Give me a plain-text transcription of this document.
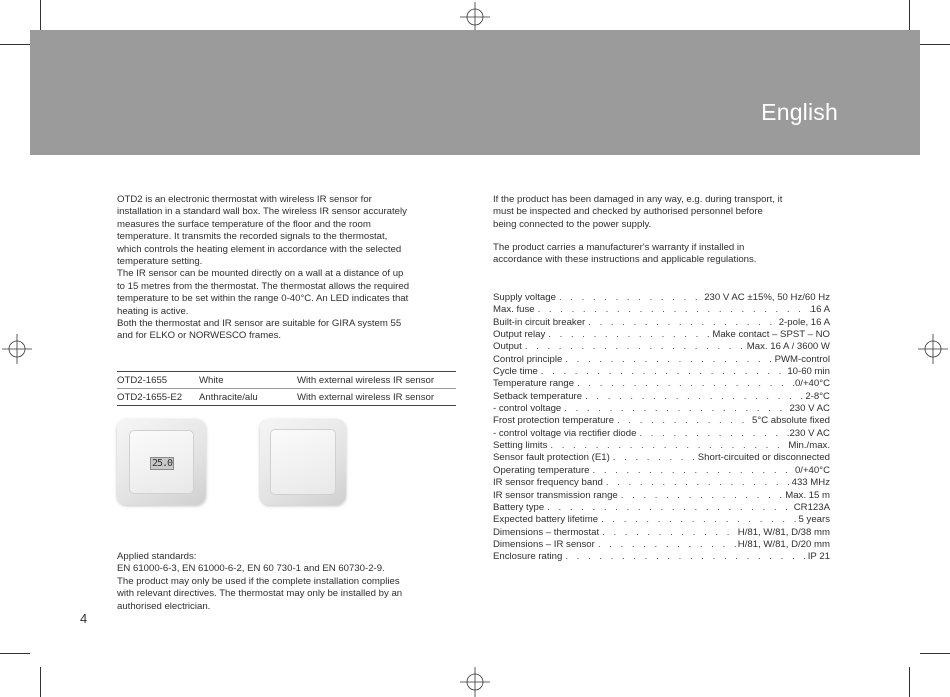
English
OTD2 is an electronic thermostat with wireless IR sensor for
installation in a standard wall box. The wireless IR sensor accurately
measures the surface temperature of the floor and the room
temperature. It transmits the recorded signals to the thermostat,
which controls the heating element in accordance with the selected
temperature setting.
The IR sensor can be mounted directly on a wall at a distance of up
to 15 metres from the thermostat. The thermostat allows the required
temperature to be set within the range 0-40°C. An LED indicates that
heating is active.
Both the thermostat and IR sensor are suitable for GIRA system 55
and for ELKO or NORWESCO frames.
OTD2-1655	White	With external wireless IR sensor
OTD2-1655-E2	Anthracite/alu	With external wireless IR sensor
25.0
Applied standards:
EN 61000-6-3, EN 61000-6-2, EN 60 730-1 and EN 60730-2-9.
The product may only be used if the complete installation complies
with relevant directives. The thermostat may only be installed by an
authorised electrician.
4
If the product has been damaged in any way, e.g. during transport, it
must be inspected and checked by authorised personnel before
being connected to the power supply.
The product carries a manufacturer's warranty if installed in
accordance with these instructions and applicable regulations.
Supply voltage . . .	230 V AC ±15%, 50 Hz/60 Hz
Max. fuse . . .	16 A
Built-in circuit breaker . . .	2-pole, 16 A
Output relay . . .	Make contact – SPST – NO
Output . . .	Max. 16 A / 3600 W
Control principle . . .	PWM-control
Cycle time . . .	10-60 min
Temperature range . . .	0/+40°C
Setback temperature . . .	2-8°C
- control voltage . . .	230 V AC
Frost protection temperature . . .	5°C absolute fixed
- control voltage via rectifier diode . . .	230 V AC
Setting limits . . .	Min./max.
Sensor fault protection (E1) . . .	Short-circuited or disconnected
Operating temperature . . .	0/+40°C
IR sensor frequency band . . .	433 MHz
IR sensor transmission range . . .	Max. 15 m
Battery type . . .	CR123A
Expected battery lifetime . . .	5 years
Dimensions – thermostat . . .	H/81, W/81, D/38 mm
Dimensions – IR sensor . . .	H/81, W/81, D/20 mm
Enclosure rating . . .	IP 21
